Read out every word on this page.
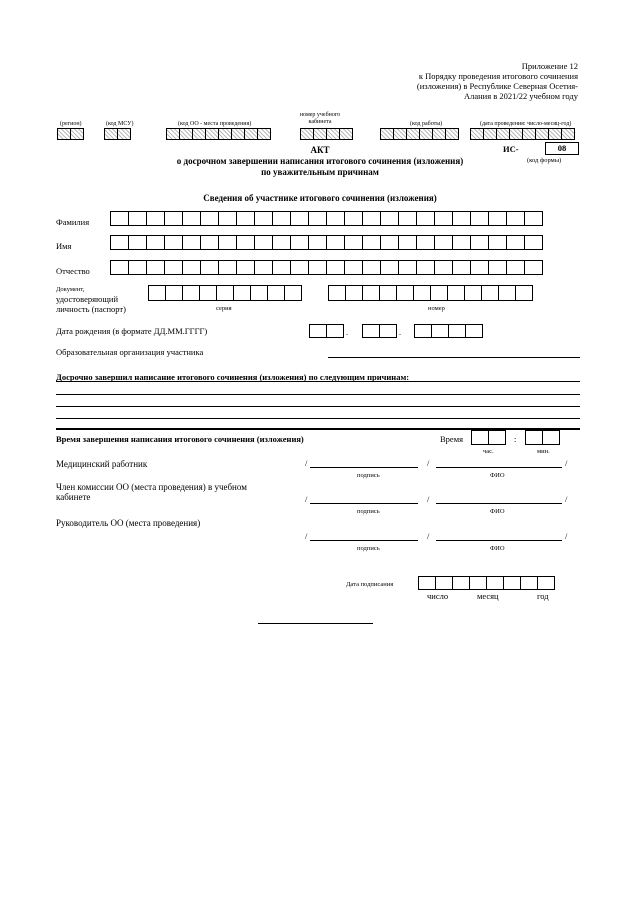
Приложение 12
к Порядку проведения итогового сочинения
(изложения) в Республике Северная Осетия-
Алания в 2021/22 учебном году
(регион)	(код МСУ)	(код ОО - места проведения)
номер учебного кабинета	(код работы)	(дата проведения: число-месяц-год)
ИС-	08
(код формы)
АКТ
о досрочном завершении написания итогового сочинения (изложения)
по уважительным причинам
Сведения об участнике итогового сочинения (изложения)
Фамилия
Имя
Отчество
Документ,
удостоверяющий
личность (паспорт)	серия	номер
Дата рождения (в формате ДД.ММ.ГГГГ)	.	.
Образовательная организация участника
Досрочно завершил написание итогового сочинения (изложения) по следующим причинам:
Время завершения написания итогового сочинения (изложения)	Время	:
час.	мин.
Медицинский работник	/	/	/
подпись	ФИО
Член комиссии ОО (места проведения) в учебном
кабинете	/	/	/
подпись	ФИО
Руководитель ОО (места проведения)
/	/	/
подпись	ФИО
Дата подписания
число	месяц	год
